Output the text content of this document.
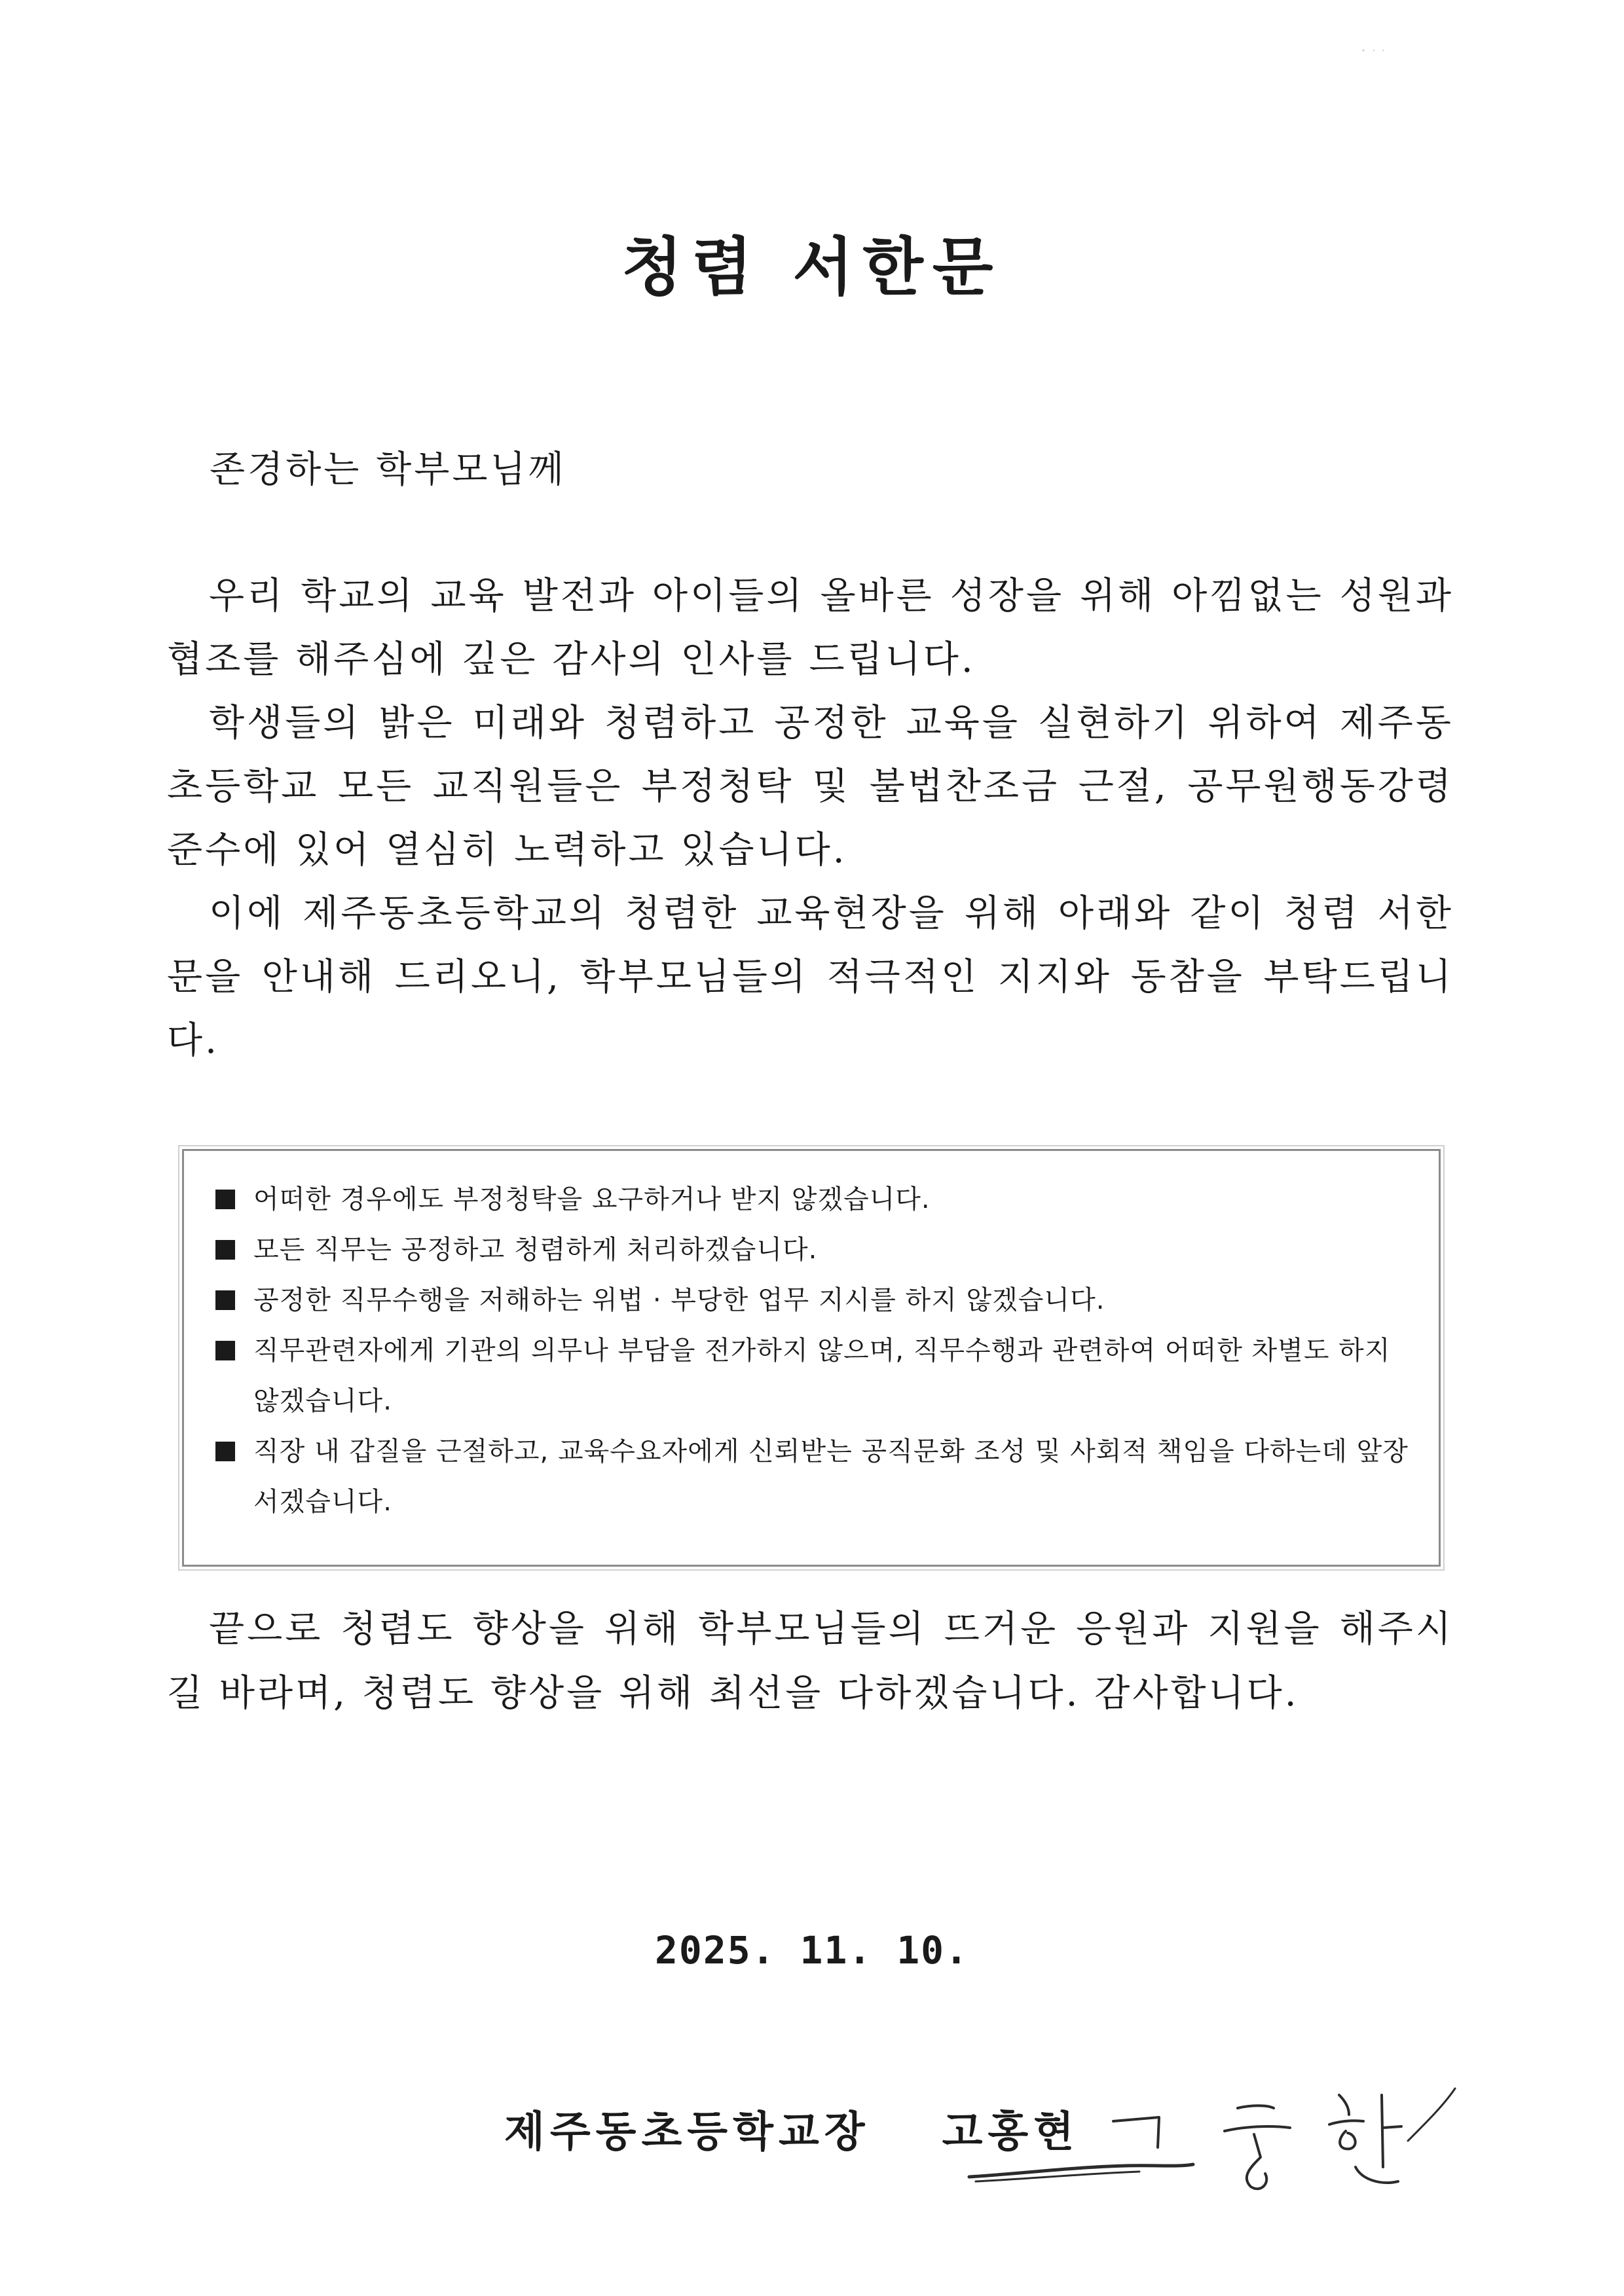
청렴 서한문
존경하는 학부모님께

우리 학교의 교육 발전과 아이들의 올바른 성장을 위해 아낌없는 성원과 협조를 해주심에 깊은 감사의 인사를 드립니다.

학생들의 밝은 미래와 청렴하고 공정한 교육을 실현하기 위하여 제주동초등학교 모든 교직원들은 부정청탁 및 불법찬조금 근절, 공무원행동강령 준수에 있어 열심히 노력하고 있습니다.

이에 제주동초등학교의 청렴한 교육현장을 위해 아래와 같이 청렴 서한문을 안내해 드리오니, 학부모님들의 적극적인 지지와 동참을 부탁드립니다.

어떠한 경우에도 부정청탁을 요구하거나 받지 않겠습니다.
모든 직무는 공정하고 청렴하게 처리하겠습니다.
공정한 직무수행을 저해하는 위법 · 부당한 업무 지시를 하지 않겠습니다.
직무관련자에게 기관의 의무나 부담을 전가하지 않으며, 직무수행과 관련하여 어떠한 차별도 하지 않겠습니다.
직장 내 갑질을 근절하고, 교육수요자에게 신뢰받는 공직문화 조성 및 사회적 책임을 다하는데 앞장 서겠습니다.

끝으로 청렴도 향상을 위해 학부모님들의 뜨거운 응원과 지원을 해주시길 바라며, 청렴도 향상을 위해 최선을 다하겠습니다. 감사합니다.

2025. 11. 10.
제주동초등학교장 고홍현
